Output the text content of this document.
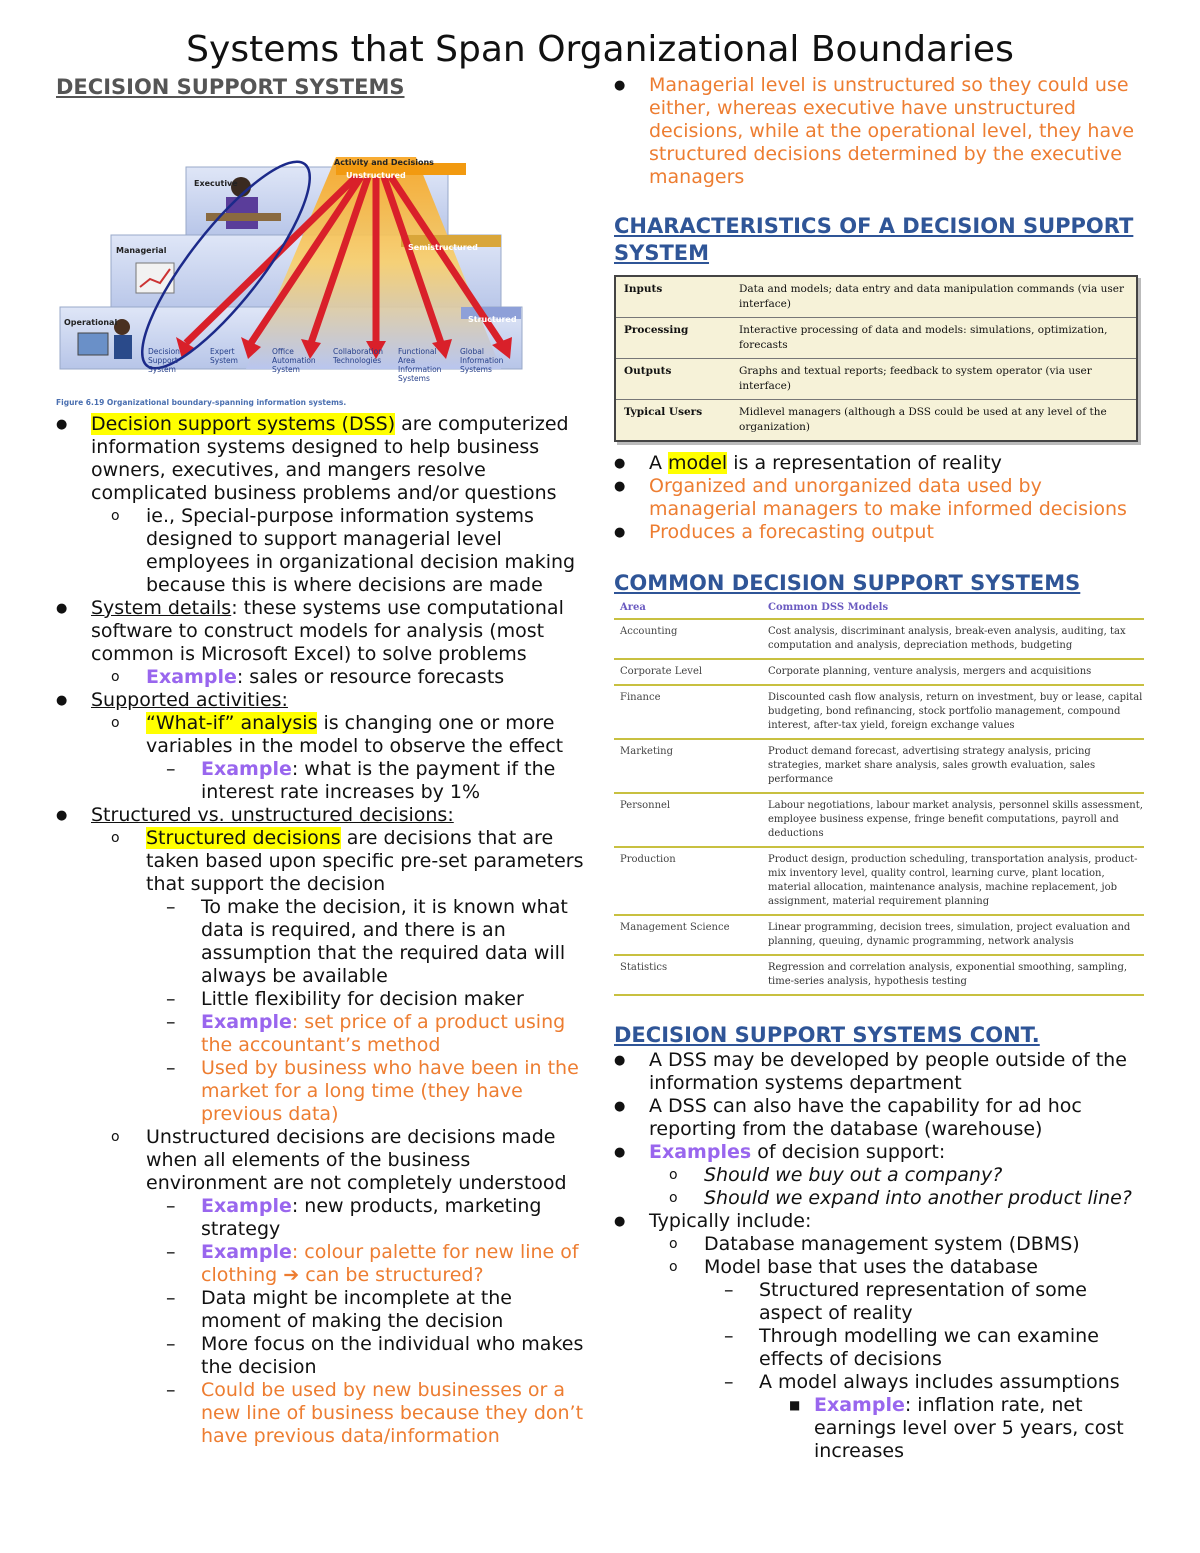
Systems that Span Organizational Boundaries
DECISION SUPPORT SYSTEMS
Executive
Managerial
Operational
Activity and Decisions
Unstructured
Semistructured
Structured
Decision Support System
Expert System
Office Automation System
Collaboration Technologies
Functional Area Information Systems
Global Information Systems
Figure 6.19 Organizational boundary-spanning information systems.
● Decision support systems (DSS) are computerized information systems designed to help business owners, executives, and mangers resolve complicated business problems and/or questions
o ie., Special-purpose information systems designed to support managerial level employees in organizational decision making because this is where decisions are made
● System details: these systems use computational software to construct models for analysis (most common is Microsoft Excel) to solve problems
o Example: sales or resource forecasts
● Supported activities:
o “What-if” analysis is changing one or more variables in the model to observe the effect
– Example: what is the payment if the interest rate increases by 1%
● Structured vs. unstructured decisions:
o Structured decisions are decisions that are taken based upon specific pre-set parameters that support the decision
– To make the decision, it is known what data is required, and there is an assumption that the required data will always be available
– Little flexibility for decision maker
– Example: set price of a product using the accountant’s method
– Used by business who have been in the market for a long time (they have previous data)
o Unstructured decisions are decisions made when all elements of the business environment are not completely understood
– Example: new products, marketing strategy
– Example: colour palette for new line of clothing ➔ can be structured?
– Data might be incomplete at the moment of making the decision
– More focus on the individual who makes the decision
– Could be used by new businesses or a new line of business because they don’t have previous data/information
● Managerial level is unstructured so they could use either, whereas executive have unstructured decisions, while at the operational level, they have structured decisions determined by the executive managers
CHARACTERISTICS OF A DECISION SUPPORT SYSTEM
Inputs	Data and models; data entry and data manipulation commands (via user interface)
Processing	Interactive processing of data and models: simulations, optimization, forecasts
Outputs	Graphs and textual reports; feedback to system operator (via user interface)
Typical Users	Midlevel managers (although a DSS could be used at any level of the organization)
● A model is a representation of reality
● Organized and unorganized data used by managerial managers to make informed decisions
● Produces a forecasting output
COMMON DECISION SUPPORT SYSTEMS
Area	Common DSS Models
Accounting	Cost analysis, discriminant analysis, break-even analysis, auditing, tax computation and analysis, depreciation methods, budgeting
Corporate Level	Corporate planning, venture analysis, mergers and acquisitions
Finance	Discounted cash flow analysis, return on investment, buy or lease, capital budgeting, bond refinancing, stock portfolio management, compound interest, after-tax yield, foreign exchange values
Marketing	Product demand forecast, advertising strategy analysis, pricing strategies, market share analysis, sales growth evaluation, sales performance
Personnel	Labour negotiations, labour market analysis, personnel skills assessment, employee business expense, fringe benefit computations, payroll and deductions
Production	Product design, production scheduling, transportation analysis, product-mix inventory level, quality control, learning curve, plant location, material allocation, maintenance analysis, machine replacement, job assignment, material requirement planning
Management Science	Linear programming, decision trees, simulation, project evaluation and planning, queuing, dynamic programming, network analysis
Statistics	Regression and correlation analysis, exponential smoothing, sampling, time-series analysis, hypothesis testing
DECISION SUPPORT SYSTEMS CONT.
● A DSS may be developed by people outside of the information systems department
● A DSS can also have the capability for ad hoc reporting from the database (warehouse)
● Examples of decision support:
o Should we buy out a company?
o Should we expand into another product line?
● Typically include:
o Database management system (DBMS)
o Model base that uses the database
– Structured representation of some aspect of reality
– Through modelling we can examine effects of decisions
– A model always includes assumptions
■ Example: inflation rate, net earnings level over 5 years, cost increases
